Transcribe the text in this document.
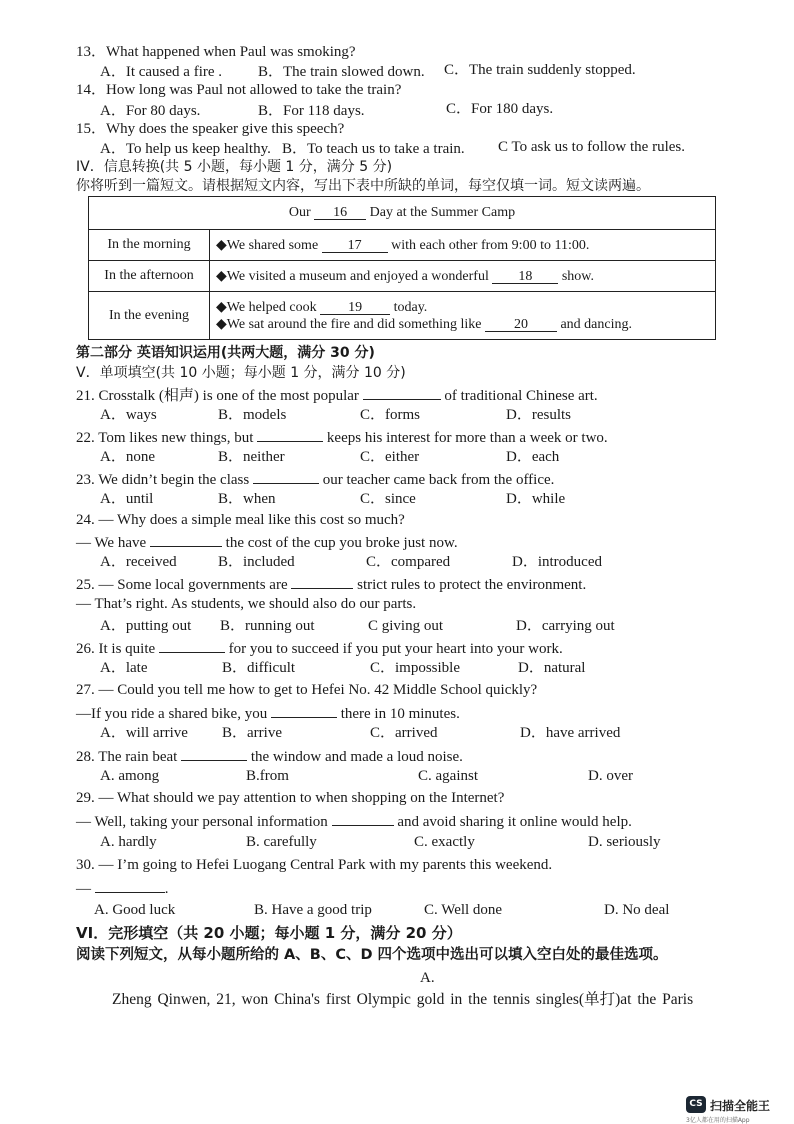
13．What happened when Paul was smoking?
A．It caused a fire . B．The train slowed down. C．The train suddenly stopped.
14．How long was Paul not allowed to take the train?
A．For 80 days.	B．For 118 days.	C．For 180 days.
15．Why does the speaker give this speech?
A．To help us keep healthy. B．To teach us to take a train. C To ask us to follow the rules.
IV．信息转换(共 5 小题，每小题 1 分，满分 5 分)
你将听到一篇短文。请根据短文内容，写出下表中所缺的单词，每空仅填一词。短文读两遍。
Our 16 Day at the Summer Camp	
In the morning	◆We shared some 17 with each other from 9:00 to 11:00.
In the afternoon	◆We visited a museum and enjoyed a wonderful 18 show.
In the evening	◆We helped cook 19 today.
◆We sat around the fire and did something like 20 and dancing.
第二部分 英语知识运用(共两大题，满分 30 分)
V．单项填空(共 10 小题；每小题 1 分，满分 10 分)
21. Crosstalk (相声) is one of the most popular	of traditional Chinese art.
A．ways	B．models	C．forms	D．results
22. Tom likes new things, but	keeps his interest for more than a week or two.
A．none	B．neither	C．either	D．each
23. We didn’t begin the class	our teacher came back from the office.
A．until	B．when	C．since	D．while
24. — Why does a simple meal like this cost so much?
— We have	the cost of the cup you broke just now.
A．received	B．included	C．compared	D．introduced
25. — Some local governments are	strict rules to protect the environment.
— That’s right. As students, we should also do our parts.
A．putting out B．running out	C giving out	D．carrying out
26. It is quite	for you to succeed if you put your heart into your work.
A．late	B．difficult	C．impossible	D．natural
27. — Could you tell me how to get to Hefei No. 42 Middle School quickly?
—If you ride a shared bike, you	there in 10 minutes.
A．will arrive B．arrive	C．arrived	D．have arrived
28. The rain beat	the window and made a loud noise.
A. among	B.from	C. against	D. over
29. — What should we pay attention to when shopping on the Internet?
— Well, taking your personal information	and avoid sharing it online would help.
A. hardly	B. carefully	C. exactly	D. seriously
30. — I’m going to Hefei Luogang Central Park with my parents this weekend.
—	.
A. Good luck	B. Have a good trip	C. Well done	D. No deal
VI．完形填空（共 20 小题；每小题 1 分，满分 20 分）
阅读下列短文，从每小题所给的 A、B、C、D 四个选项中选出可以填入空白处的最佳选项。
A.
Zheng Qinwen, 21, won China's first Olympic gold in the tennis singles(单打)at the Paris
CS 扫描全能王
3亿人都在用的扫描App
